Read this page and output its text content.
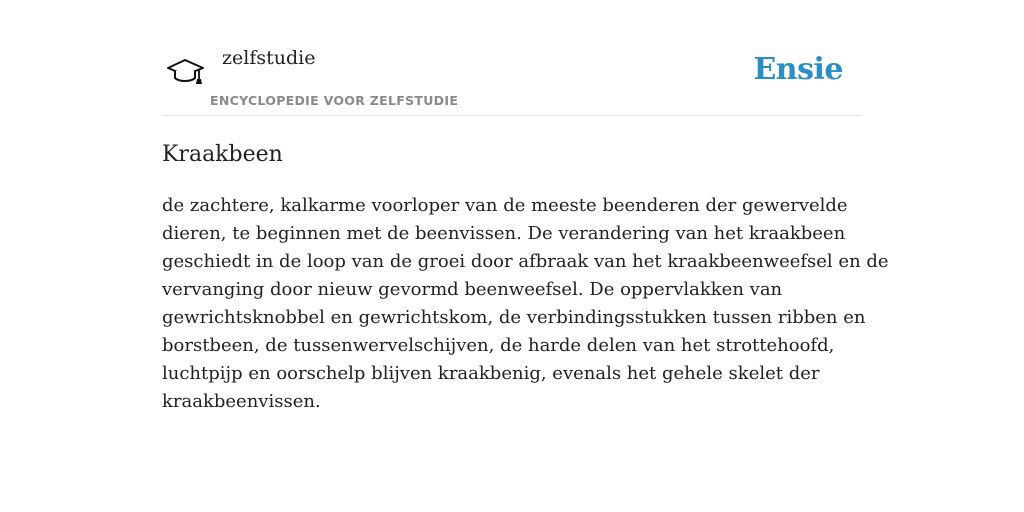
zelfstudie
ENCYCLOPEDIE VOOR ZELFSTUDIE
Ensie
Kraakbeen

de zachtere, kalkarme voorloper van de meeste beenderen der gewervelde
dieren, te beginnen met de beenvissen. De verandering van het kraakbeen
geschiedt in de loop van de groei door afbraak van het kraakbeenweefsel en de
vervanging door nieuw gevormd beenweefsel. De oppervlakken van
gewrichtsknobbel en gewrichtskom, de verbindingsstukken tussen ribben en
borstbeen, de tussenwervelschijven, de harde delen van het strottehoofd,
luchtpijp en oorschelp blijven kraakbenig, evenals het gehele skelet der
kraakbeenvissen.
